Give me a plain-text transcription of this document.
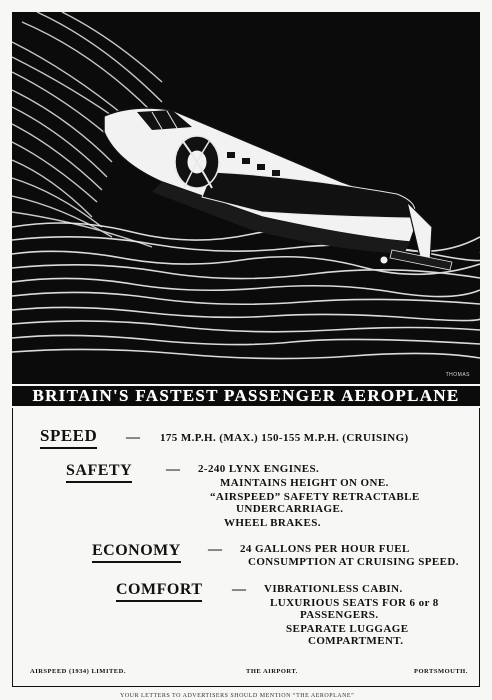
THOMAS
BRITAIN'S FASTEST PASSENGER AEROPLANE
SPEED — 175 M.P.H. (MAX.) 150-155 M.P.H. (CRUISING)
SAFETY — 2-240 LYNX ENGINES.
MAINTAINS HEIGHT ON ONE.
“AIRSPEED” SAFETY RETRACTABLE
UNDERCARRIAGE.
WHEEL BRAKES.
ECONOMY — 24 GALLONS PER HOUR FUEL
CONSUMPTION AT CRUISING SPEED.
COMFORT — VIBRATIONLESS CABIN.
LUXURIOUS SEATS FOR 6 or 8
PASSENGERS.
SEPARATE LUGGAGE
COMPARTMENT.
AIRSPEED (1934) LIMITED.	THE AIRPORT.	PORTSMOUTH.
YOUR LETTERS TO ADVERTISERS SHOULD MENTION “THE AEROPLANE”
